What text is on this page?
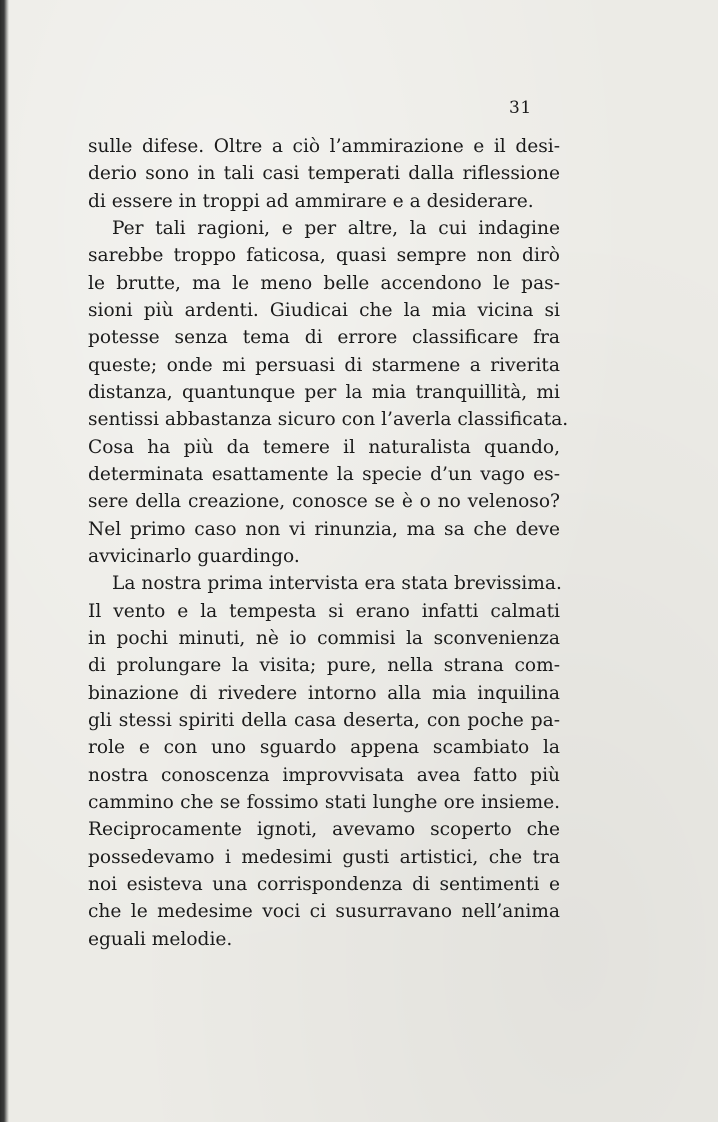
31
sulle difese. Oltre a ciò l’ammirazione e il desi-
derio sono in tali casi temperati dalla riflessione
di essere in troppi ad ammirare e a desiderare.
Per tali ragioni, e per altre, la cui indagine
sarebbe troppo faticosa, quasi sempre non dirò
le brutte, ma le meno belle accendono le pas-
sioni più ardenti. Giudicai che la mia vicina si
potesse senza tema di errore classificare fra
queste; onde mi persuasi di starmene a riverita
distanza, quantunque per la mia tranquillità, mi
sentissi abbastanza sicuro con l’averla classificata.
Cosa ha più da temere il naturalista quando,
determinata esattamente la specie d’un vago es-
sere della creazione, conosce se è o no velenoso?
Nel primo caso non vi rinunzia, ma sa che deve
avvicinarlo guardingo.
La nostra prima intervista era stata brevissima.
Il vento e la tempesta si erano infatti calmati
in pochi minuti, nè io commisi la sconvenienza
di prolungare la visita; pure, nella strana com-
binazione di rivedere intorno alla mia inquilina
gli stessi spiriti della casa deserta, con poche pa-
role e con uno sguardo appena scambiato la
nostra conoscenza improvvisata avea fatto più
cammino che se fossimo stati lunghe ore insieme.
Reciprocamente ignoti, avevamo scoperto che
possedevamo i medesimi gusti artistici, che tra
noi esisteva una corrispondenza di sentimenti e
che le medesime voci ci susurravano nell’anima
eguali melodie.
